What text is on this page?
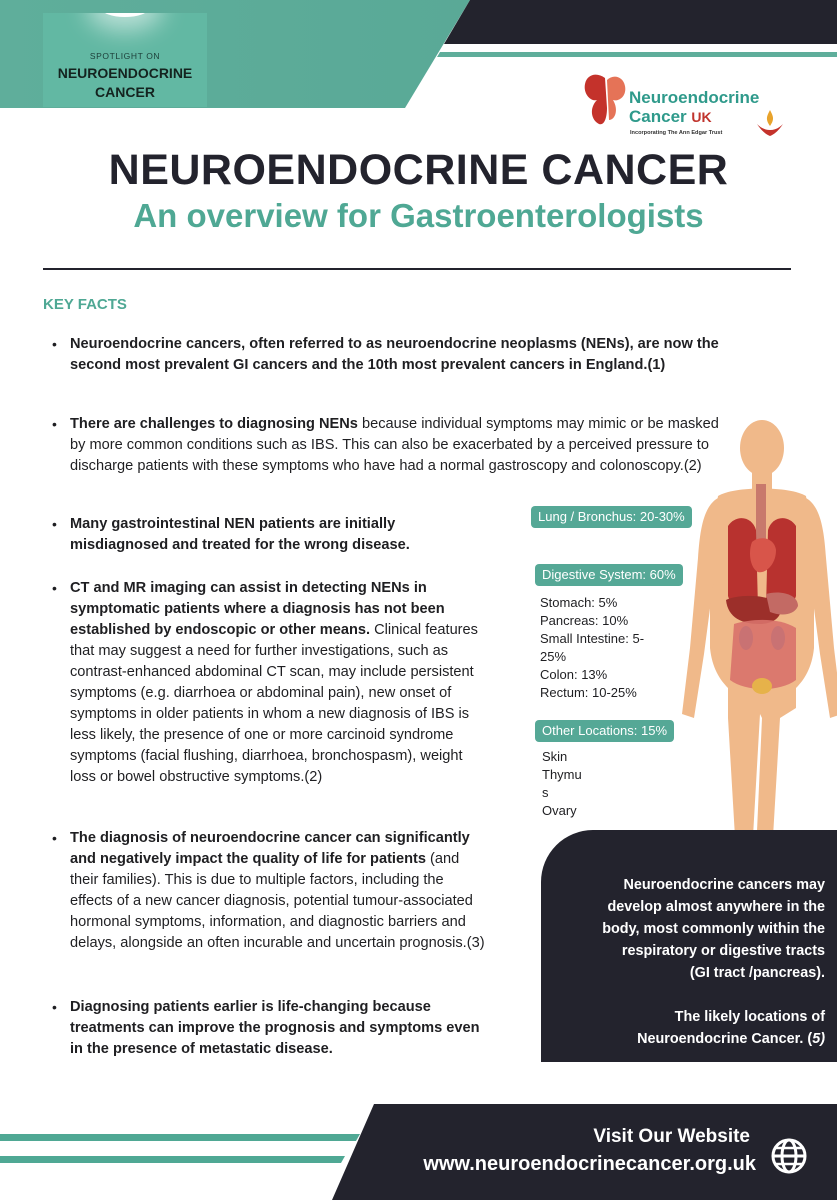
SPOTLIGHT ON
NEUROENDOCRINE
CANCER	Neuroendocrine
Cancer UK
Incorporating The Ann Edgar Trust
NEUROENDOCRINE CANCER
An overview for Gastroenterologists
KEY FACTS

• Neuroendocrine cancers, often referred to as neuroendocrine neoplasms (NENs), are now the second most prevalent GI cancers and the 10th most prevalent cancers in England.(1)

• There are challenges to diagnosing NENs because individual symptoms may mimic or be masked by more common conditions such as IBS. This can also be exacerbated by a perceived pressure to discharge patients with these symptoms who have had a normal gastroscopy and colonoscopy.(2)

• Many gastrointestinal NEN patients are initially misdiagnosed and treated for the wrong disease.

• CT and MR imaging can assist in detecting NENs in symptomatic patients where a diagnosis has not been established by endoscopic or other means. Clinical features that may suggest a need for further investigations, such as contrast-enhanced abdominal CT scan, may include persistent symptoms (e.g. diarrhoea or abdominal pain), new onset of symptoms in older patients in whom a new diagnosis of IBS is less likely, the presence of one or more carcinoid syndrome symptoms (facial flushing, diarrhoea, bronchospasm), weight loss or bowel obstructive symptoms.(2)

• The diagnosis of neuroendocrine cancer can significantly and negatively impact the quality of life for patients (and their families). This is due to multiple factors, including the effects of a new cancer diagnosis, potential tumour-associated hormonal symptoms, information, and diagnostic barriers and delays, alongside an often incurable and uncertain prognosis.(3)

• Diagnosing patients earlier is life-changing because treatments can improve the prognosis and symptoms even in the presence of metastatic disease.

Lung / Bronchus: 20-30%
Digestive System: 60%
Stomach: 5%
Pancreas: 10%
Small Intestine: 5-
25%
Colon: 13%
Rectum: 10-25%
Other Locations: 15%
Skin
Thymu
s
Ovary
Neuroendocrine cancers may
develop almost anywhere in the
body, most commonly within the
respiratory or digestive tracts
(GI tract /pancreas).
The likely locations of
Neuroendocrine Cancer. (5)
Visit Our Website
www.neuroendocrinecancer.org.uk
